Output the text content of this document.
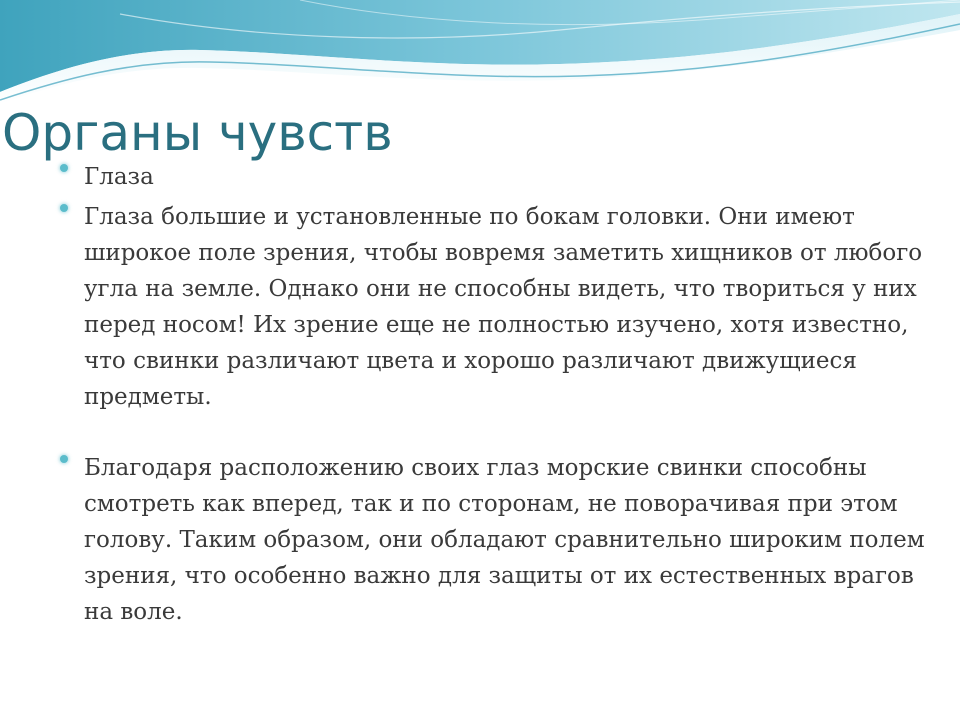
Органы чувств
Глаза
Глаза большие и установленные по бокам головки. Они имеют широкое поле зрения, чтобы вовремя заметить хищников от любого угла на земле. Однако они не способны видеть, что твориться у них перед носом! Их зрение еще не полностью изучено, хотя известно, что свинки различают цвета и хорошо различают движущиеся предметы.
Благодаря расположению своих глаз морские свинки способны смотреть как вперед, так и по сторонам, не поворачивая при этом голову. Таким образом, они обладают сравнительно широким полем зрения, что особенно важно для защиты от их естественных врагов на воле.
